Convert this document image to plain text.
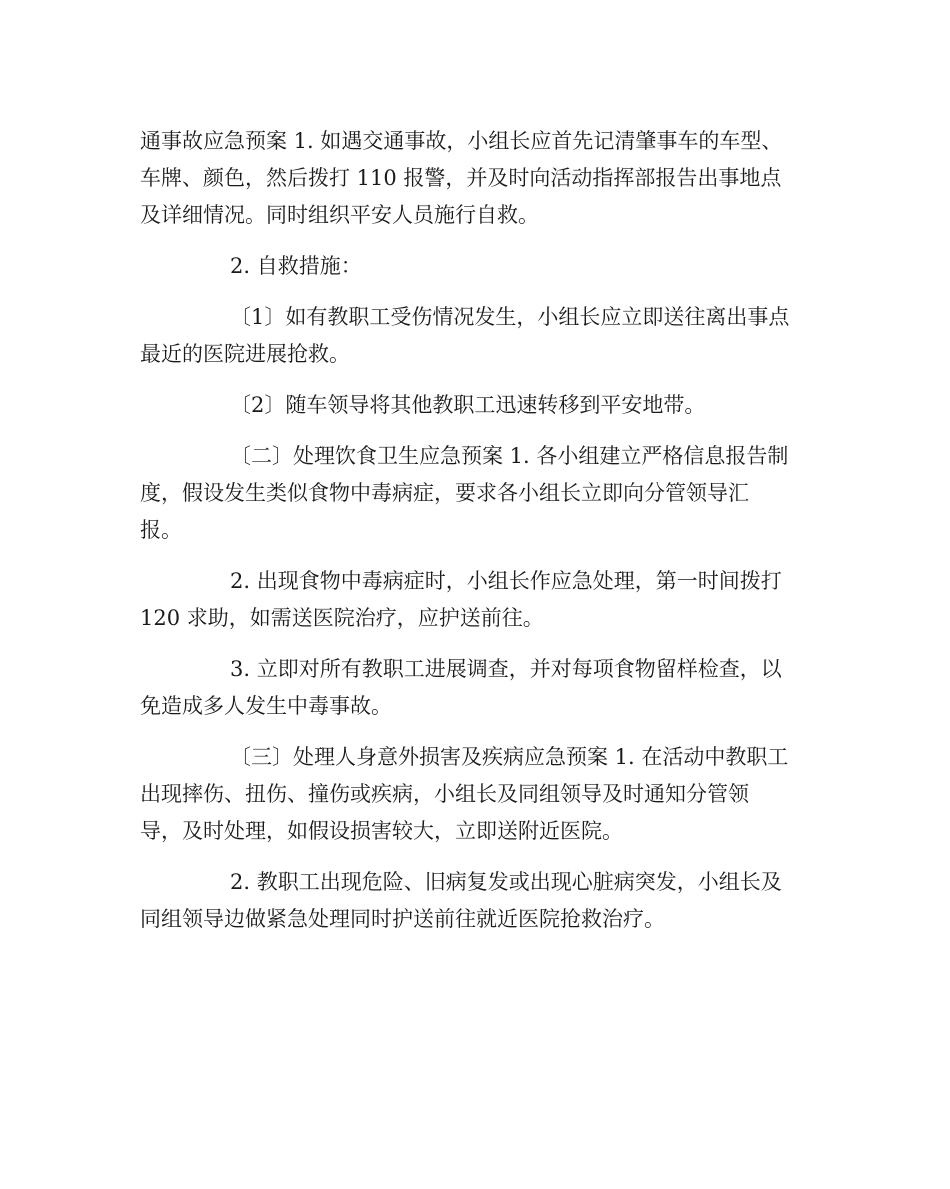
通事故应急预案 1. 如遇交通事故，小组长应首先记清肇事车的车型、
车牌、颜色，然后拨打 110 报警，并及时向活动指挥部报告出事地点
及详细情况。同时组织平安人员施行自救。

2. 自救措施：

〔1〕如有教职工受伤情况发生，小组长应立即送往离出事点
最近的医院进展抢救。

〔2〕随车领导将其他教职工迅速转移到平安地带。

〔二〕处理饮食卫生应急预案 1. 各小组建立严格信息报告制
度，假设发生类似食物中毒病症，要求各小组长立即向分管领导汇
报。

2. 出现食物中毒病症时，小组长作应急处理，第一时间拨打
120 求助，如需送医院治疗，应护送前往。

3. 立即对所有教职工进展调查，并对每项食物留样检查，以
免造成多人发生中毒事故。

〔三〕处理人身意外损害及疾病应急预案 1. 在活动中教职工
出现摔伤、扭伤、撞伤或疾病，小组长及同组领导及时通知分管领
导，及时处理，如假设损害较大，立即送附近医院。

2. 教职工出现危险、旧病复发或出现心脏病突发，小组长及
同组领导边做紧急处理同时护送前往就近医院抢救治疗。
